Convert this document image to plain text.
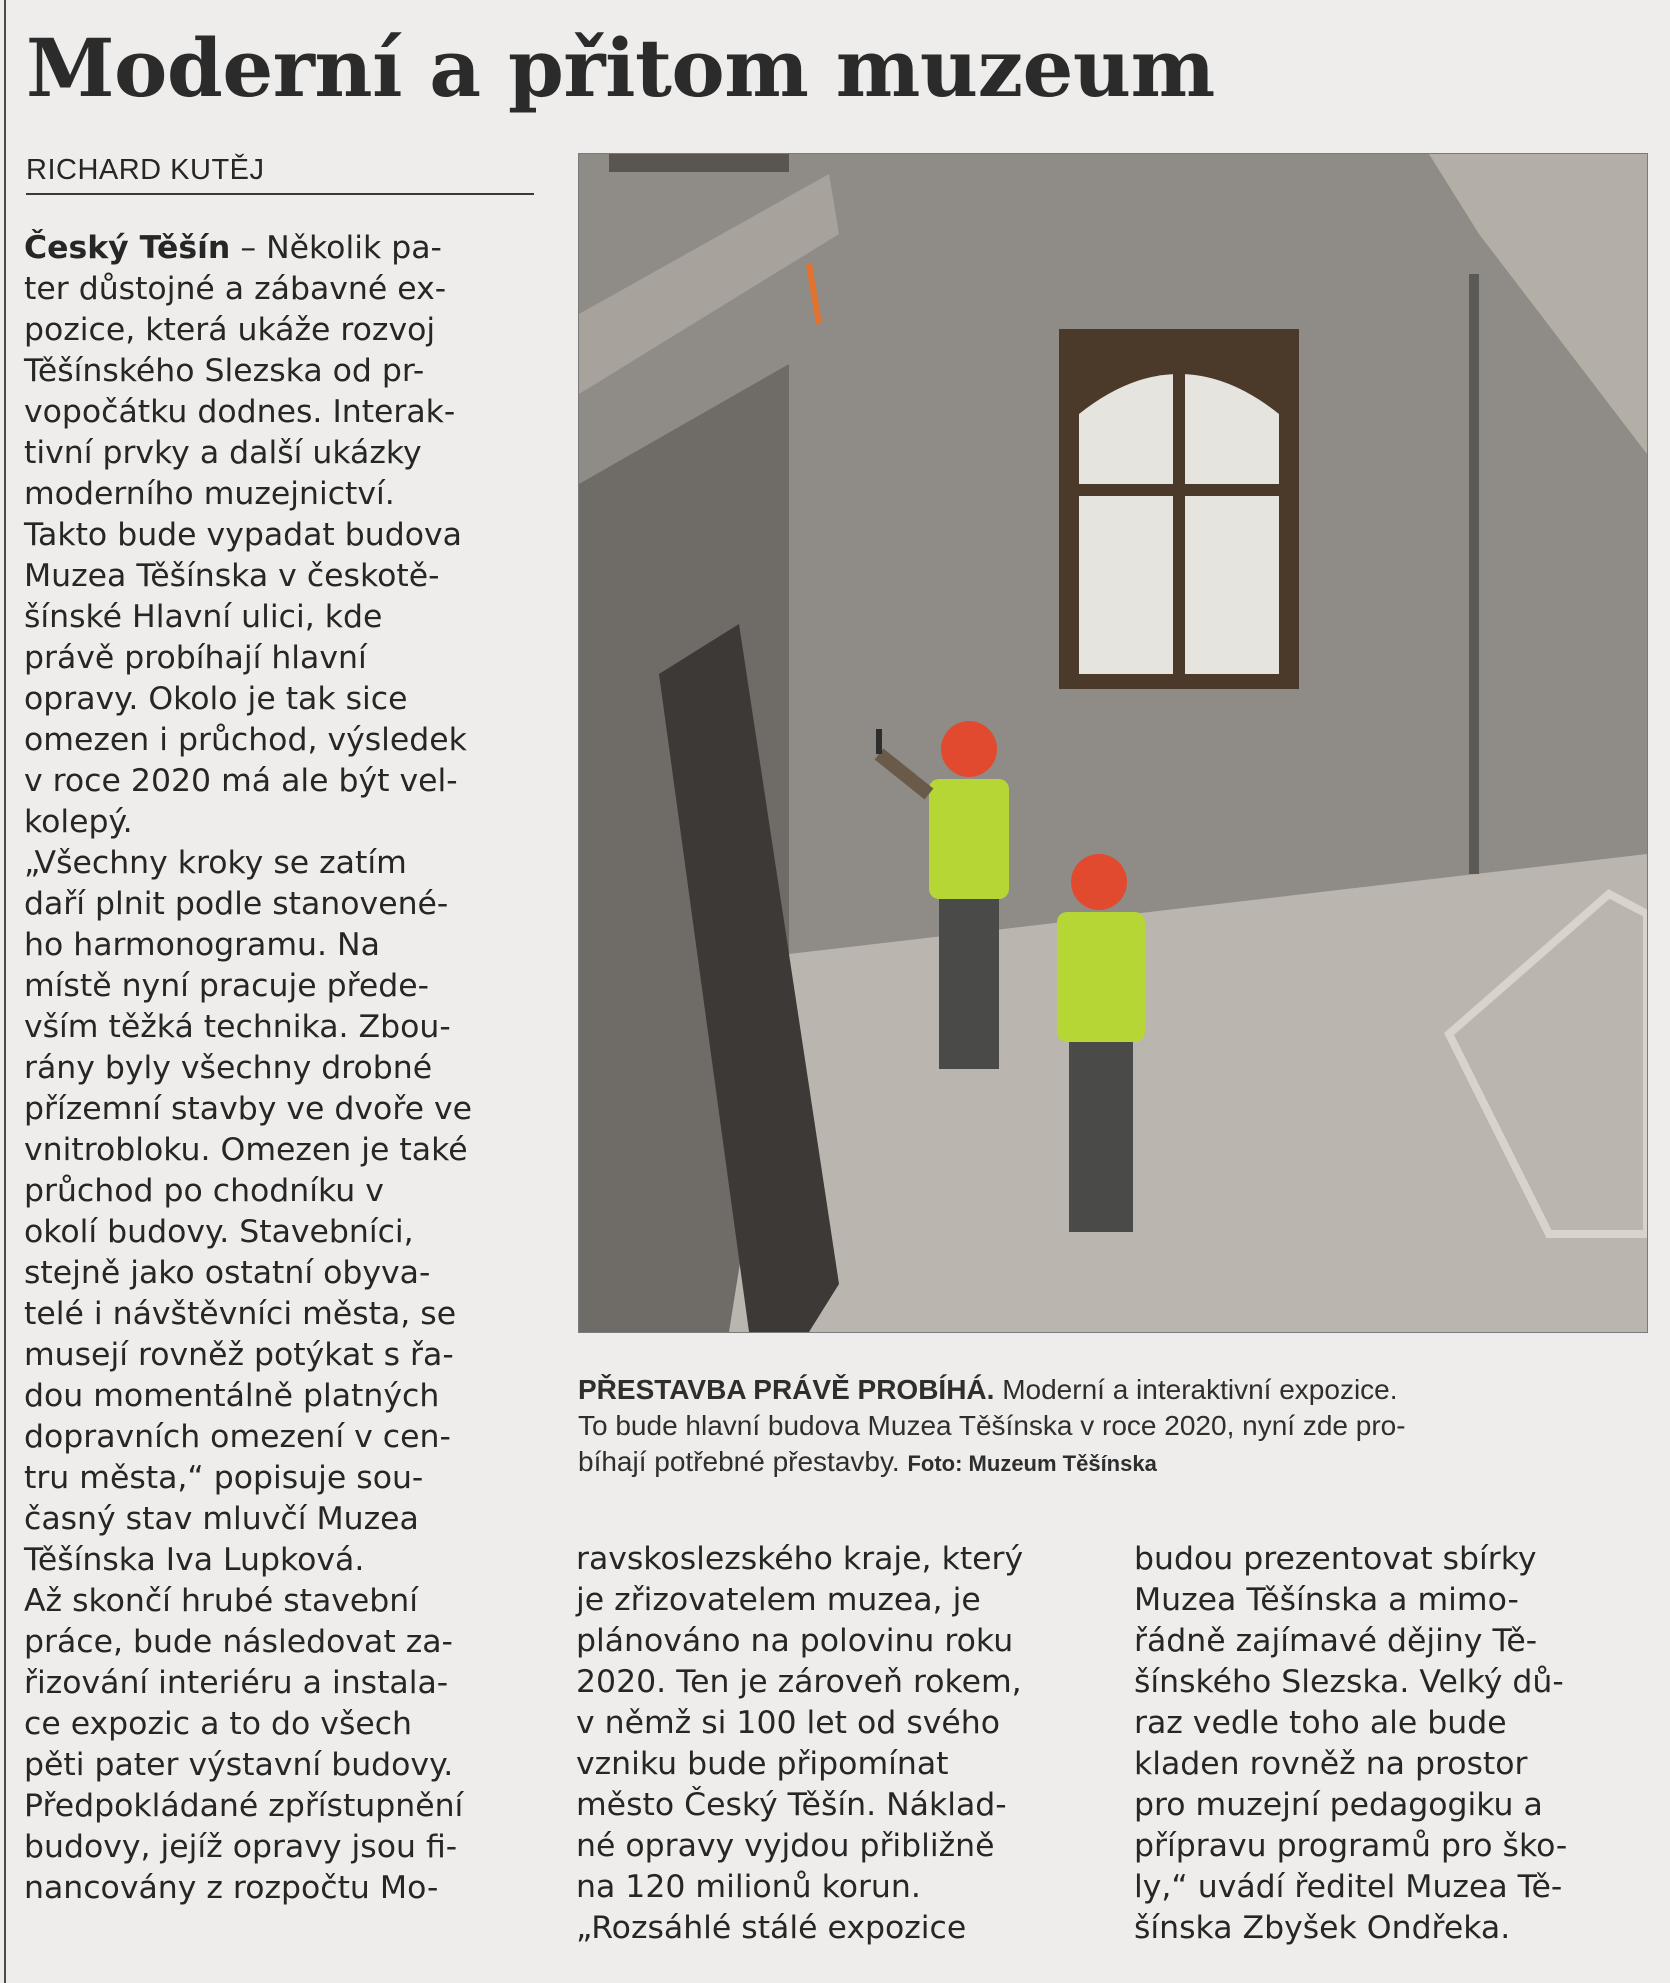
Moderní a přitom muzeum
RICHARD KUTĚJ
Český Těšín – Několik pa-
ter důstojné a zábavné ex-
pozice, která ukáže rozvoj
Těšínského Slezska od pr-
vopočátku dodnes. Interak-
tivní prvky a další ukázky
moderního muzejnictví.
Takto bude vypadat budova
Muzea Těšínska v českotě-
šínské Hlavní ulici, kde
právě probíhají hlavní
opravy. Okolo je tak sice
omezen i průchod, výsledek
v roce 2020 má ale být vel-
kolepý.
„Všechny kroky se zatím
daří plnit podle stanovené-
ho harmonogramu. Na
místě nyní pracuje přede-
vším těžká technika. Zbou-
rány byly všechny drobné
přízemní stavby ve dvoře ve
vnitrobloku. Omezen je také
průchod po chodníku v
okolí budovy. Stavebníci,
stejně jako ostatní obyva-
telé i návštěvníci města, se
musejí rovněž potýkat s řa-
dou momentálně platných
dopravních omezení v cen-
tru města,“ popisuje sou-
časný stav mluvčí Muzea
Těšínska Iva Lupková.
Až skončí hrubé stavební
práce, bude následovat za-
řizování interiéru a instala-
ce expozic a to do všech
pěti pater výstavní budovy.
Předpokládané zpřístupnění
budovy, jejíž opravy jsou fi-
nancovány z rozpočtu Mo-
PŘESTAVBA PRÁVĚ PROBÍHÁ. Moderní a interaktivní expozice.
To bude hlavní budova Muzea Těšínska v roce 2020, nyní zde pro-
bíhají potřebné přestavby. Foto: Muzeum Těšínska
ravskoslezského kraje, který
je zřizovatelem muzea, je
plánováno na polovinu roku
2020. Ten je zároveň rokem,
v němž si 100 let od svého
vzniku bude připomínat
město Český Těšín. Náklad-
né opravy vyjdou přibližně
na 120 milionů korun.
„Rozsáhlé stálé expozice
budou prezentovat sbírky
Muzea Těšínska a mimo-
řádně zajímavé dějiny Tě-
šínského Slezska. Velký dů-
raz vedle toho ale bude
kladen rovněž na prostor
pro muzejní pedagogiku a
přípravu programů pro ško-
ly,“ uvádí ředitel Muzea Tě-
šínska Zbyšek Ondřeka.
